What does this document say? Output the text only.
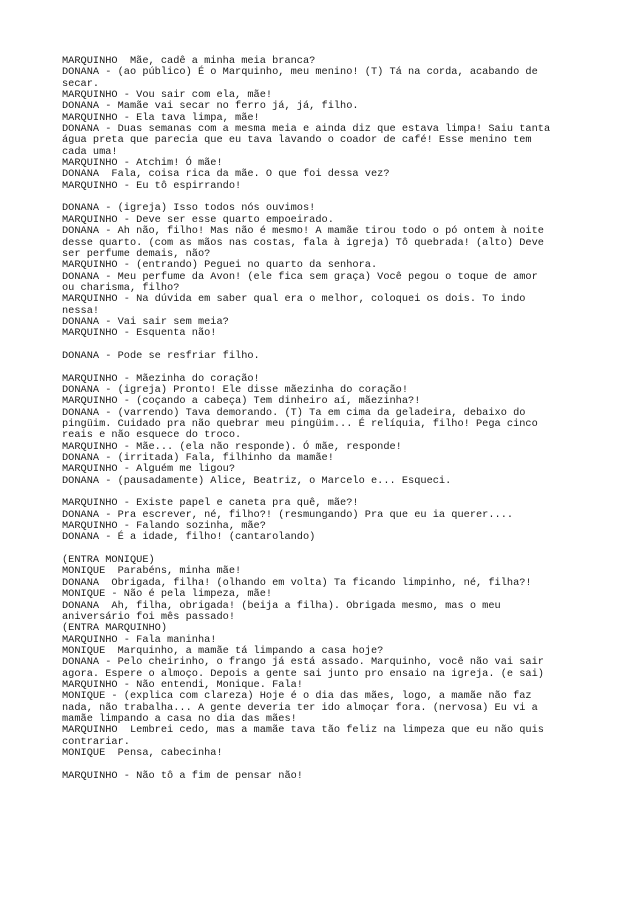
MARQUINHO  Mãe, cadê a minha meia branca?
DONANA - (ao público) É o Marquinho, meu menino! (T) Tá na corda, acabando de
secar.
MARQUINHO - Vou sair com ela, mãe!
DONANA - Mamãe vai secar no ferro já, já, filho.
MARQUINHO - Ela tava limpa, mãe!
DONANA - Duas semanas com a mesma meia e ainda diz que estava limpa! Saiu tanta
água preta que parecia que eu tava lavando o coador de café! Esse menino tem
cada uma!
MARQUINHO - Atchim! Ó mãe!
DONANA  Fala, coisa rica da mãe. O que foi dessa vez?
MARQUINHO - Eu tô espirrando!
DONANA - (igreja) Isso todos nós ouvimos!
MARQUINHO - Deve ser esse quarto empoeirado.
DONANA - Ah não, filho! Mas não é mesmo! A mamãe tirou todo o pó ontem à noite
desse quarto. (com as mãos nas costas, fala à igreja) Tô quebrada! (alto) Deve
ser perfume demais, não?
MARQUINHO - (entrando) Peguei no quarto da senhora.
DONANA - Meu perfume da Avon! (ele fica sem graça) Você pegou o toque de amor
ou charisma, filho?
MARQUINHO - Na dúvida em saber qual era o melhor, coloquei os dois. To indo
nessa!
DONANA - Vai sair sem meia?
MARQUINHO - Esquenta não!
DONANA - Pode se resfriar filho.
MARQUINHO - Mãezinha do coração!
DONANA - (igreja) Pronto! Ele disse mãezinha do coração!
MARQUINHO - (coçando a cabeça) Tem dinheiro aí, mãezinha?!
DONANA - (varrendo) Tava demorando. (T) Ta em cima da geladeira, debaixo do
pingüim. Cuidado pra não quebrar meu pingüim... É relíquia, filho! Pega cinco
reais e não esquece do troco.
MARQUINHO - Mãe... (ela não responde). Ó mãe, responde!
DONANA - (irritada) Fala, filhinho da mamãe!
MARQUINHO - Alguém me ligou?
DONANA - (pausadamente) Alice, Beatriz, o Marcelo e... Esqueci.
MARQUINHO - Existe papel e caneta pra quê, mãe?!
DONANA - Pra escrever, né, filho?! (resmungando) Pra que eu ia querer....
MARQUINHO - Falando sozinha, mãe?
DONANA - É a idade, filho! (cantarolando)
(ENTRA MONIQUE)
MONIQUE  Parabéns, minha mãe!
DONANA  Obrigada, filha! (olhando em volta) Ta ficando limpinho, né, filha?!
MONIQUE - Não é pela limpeza, mãe!
DONANA  Ah, filha, obrigada! (beija a filha). Obrigada mesmo, mas o meu
aniversário foi mês passado!
(ENTRA MARQUINHO)
MARQUINHO - Fala maninha!
MONIQUE  Marquinho, a mamãe tá limpando a casa hoje?
DONANA - Pelo cheirinho, o frango já está assado. Marquinho, você não vai sair
agora. Espere o almoço. Depois a gente sai junto pro ensaio na igreja. (e sai)
MARQUINHO - Não entendi, Monique. Fala!
MONIQUE - (explica com clareza) Hoje é o dia das mães, logo, a mamãe não faz
nada, não trabalha... A gente deveria ter ido almoçar fora. (nervosa) Eu vi a
mamãe limpando a casa no dia das mães!
MARQUINHO  Lembrei cedo, mas a mamãe tava tão feliz na limpeza que eu não quis
contrariar.
MONIQUE  Pensa, cabecinha!
MARQUINHO - Não tô a fim de pensar não!
